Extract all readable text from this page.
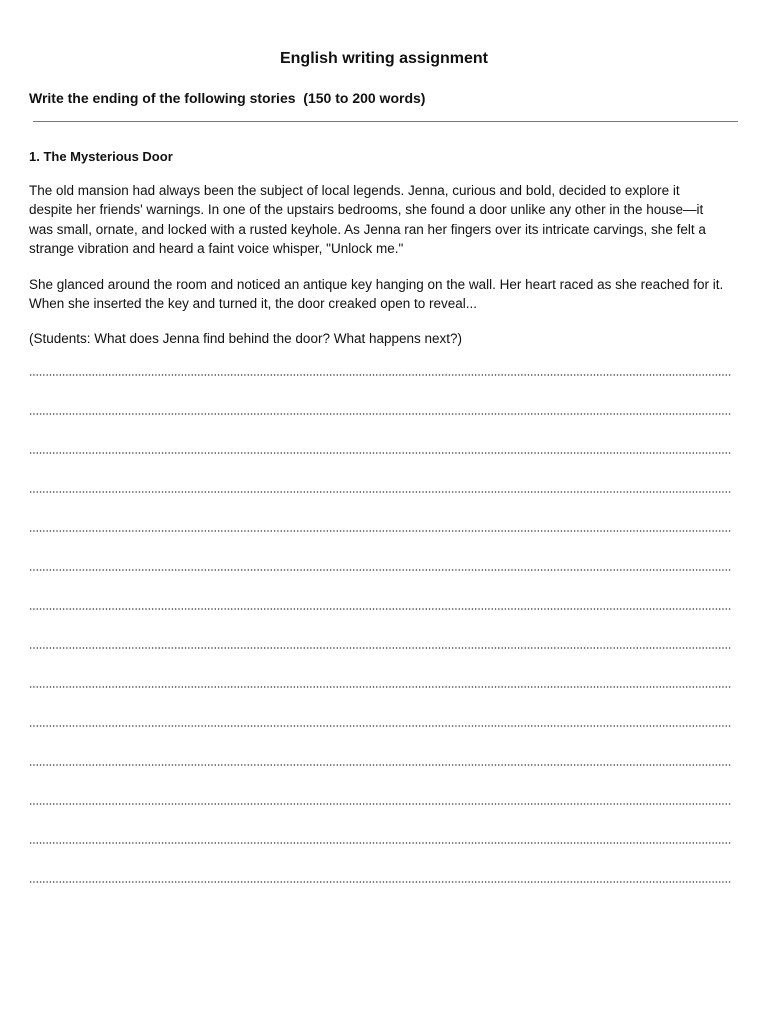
English writing assignment
Write the ending of the following stories  (150 to 200 words)
1. The Mysterious Door
The old mansion had always been the subject of local legends. Jenna, curious and bold, decided to explore it
despite her friends' warnings. In one of the upstairs bedrooms, she found a door unlike any other in the house—it
was small, ornate, and locked with a rusted keyhole. As Jenna ran her fingers over its intricate carvings, she felt a
strange vibration and heard a faint voice whisper, "Unlock me."
She glanced around the room and noticed an antique key hanging on the wall. Her heart raced as she reached for it.
When she inserted the key and turned it, the door creaked open to reveal...
(Students: What does Jenna find behind the door? What happens next?)
